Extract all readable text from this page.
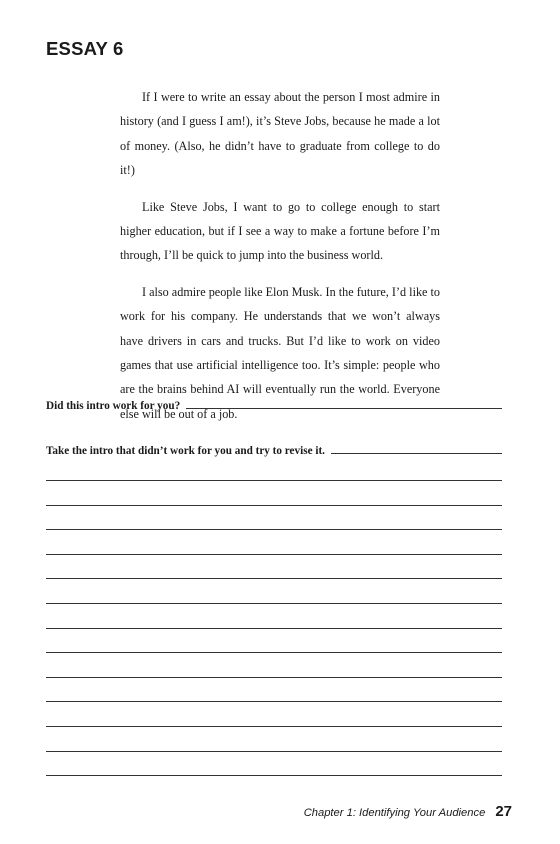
ESSAY 6

If I were to write an essay about the person I most admire in history (and I guess I am!), it’s Steve Jobs, because he made a lot of money. (Also, he didn’t have to graduate from college to do it!)

Like Steve Jobs, I want to go to college enough to start higher education, but if I see a way to make a fortune before I’m through, I’ll be quick to jump into the business world.

I also admire people like Elon Musk. In the future, I’d like to work for his company. He understands that we won’t always have drivers in cars and trucks. But I’d like to work on video games that use artificial intelligence too. It’s simple: people who are the brains behind AI will eventually run the world. Everyone else will be out of a job.

Did this intro work for you?
Take the intro that didn’t work for you and try to revise it.
Chapter 1: Identifying Your Audience 27
